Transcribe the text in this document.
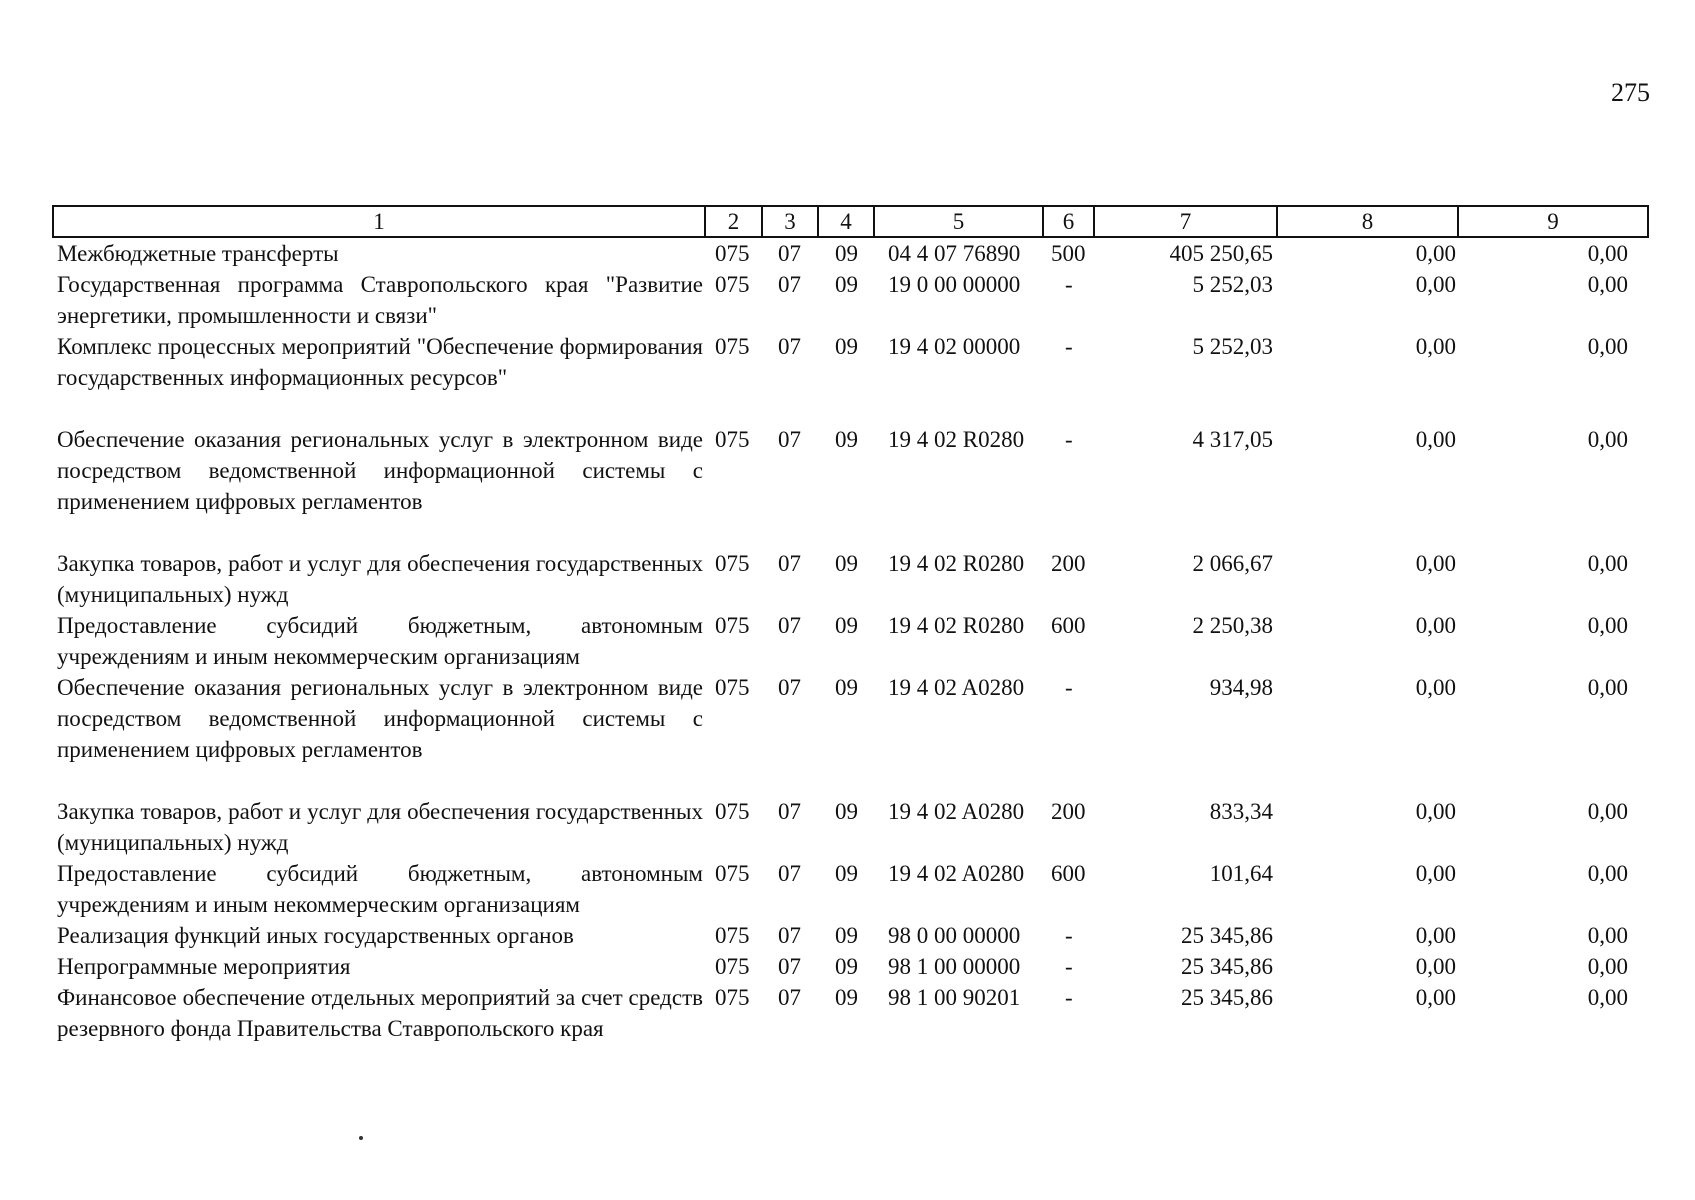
275
1	2	3	4	5	6	7	8	9
Межбюджетные трансферты	075	07	09	04 4 07 76890	500	405 250,65	0,00	0,00
Государственная программа Ставропольского края "Развитие энергетики, промышленности и связи"	075	07	09	19 0 00 00000	-	5 252,03	0,00	0,00
Комплекс процессных мероприятий "Обеспечение формирования государственных информационных ресурсов"	075	07	09	19 4 02 00000	-	5 252,03	0,00	0,00
Обеспечение оказания региональных услуг в электронном виде посредством ведомственной информационной системы с применением цифровых регламентов	075	07	09	19 4 02 R0280	-	4 317,05	0,00	0,00
Закупка товаров, работ и услуг для обеспечения государственных (муниципальных) нужд	075	07	09	19 4 02 R0280	200	2 066,67	0,00	0,00
Предоставление субсидий бюджетным, автономным учреждениям и иным некоммерческим организациям	075	07	09	19 4 02 R0280	600	2 250,38	0,00	0,00
Обеспечение оказания региональных услуг в электронном виде посредством ведомственной информационной системы с применением цифровых регламентов	075	07	09	19 4 02 A0280	-	934,98	0,00	0,00
Закупка товаров, работ и услуг для обеспечения государственных (муниципальных) нужд	075	07	09	19 4 02 A0280	200	833,34	0,00	0,00
Предоставление субсидий бюджетным, автономным учреждениям и иным некоммерческим организациям	075	07	09	19 4 02 A0280	600	101,64	0,00	0,00
Реализация функций иных государственных органов	075	07	09	98 0 00 00000	-	25 345,86	0,00	0,00
Непрограммные мероприятия	075	07	09	98 1 00 00000	-	25 345,86	0,00	0,00
Финансовое обеспечение отдельных мероприятий за счет средств резервного фонда Правительства Ставропольского края	075	07	09	98 1 00 90201	-	25 345,86	0,00	0,00
